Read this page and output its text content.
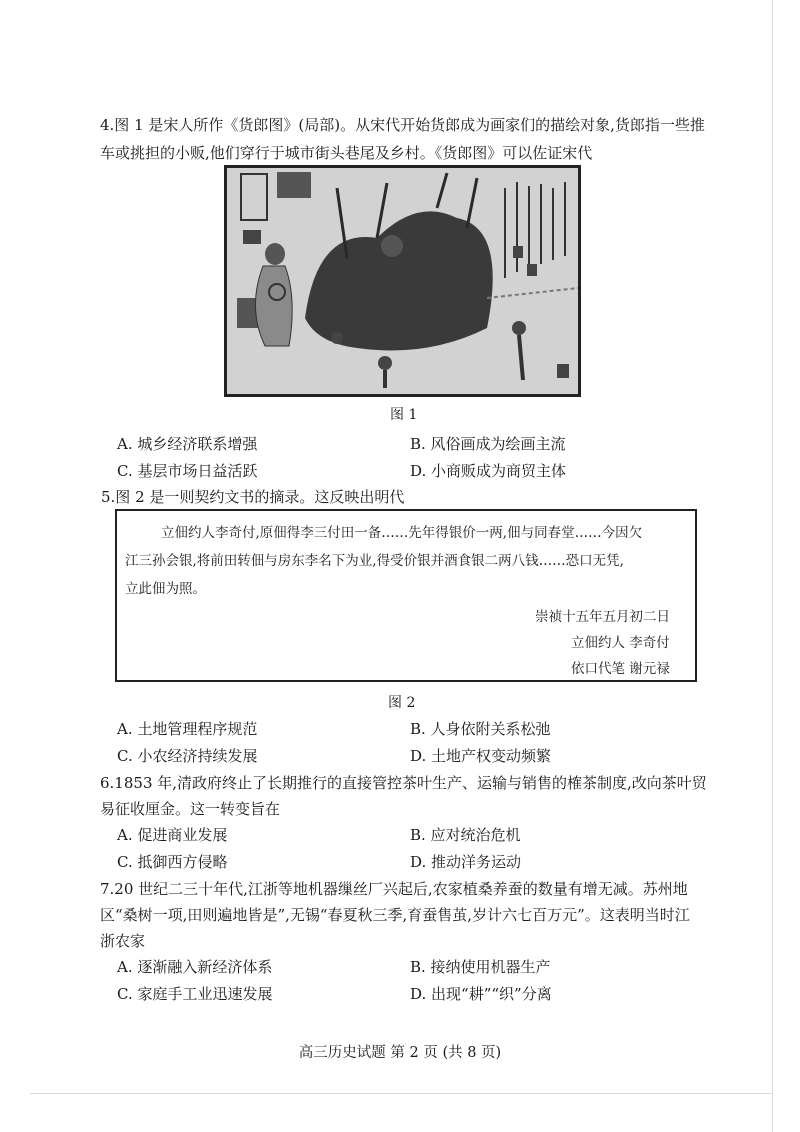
4.图 1 是宋人所作《货郎图》(局部)。从宋代开始货郎成为画家们的描绘对象,货郎指一些推
车或挑担的小贩,他们穿行于城市街头巷尾及乡村。《货郎图》可以佐证宋代
图 1
A. 城乡经济联系增强	B. 风俗画成为绘画主流
C. 基层市场日益活跃	D. 小商贩成为商贸主体
5.图 2 是一则契约文书的摘录。这反映出明代
立佃约人李奇付,原佃得李三付田一备……先年得银价一两,佃与同春堂……今因欠
江三孙会银,将前田转佃与房东李名下为业,得受价银并酒食银二两八钱……恐口无凭,
立此佃为照。
崇祯十五年五月初二日
立佃约人 李奇付
依口代笔 谢元禄
图 2
A. 土地管理程序规范	B. 人身依附关系松弛
C. 小农经济持续发展	D. 土地产权变动频繁
6.1853 年,清政府终止了长期推行的直接管控茶叶生产、运输与销售的榷茶制度,改向茶叶贸
易征收厘金。这一转变旨在
A. 促进商业发展	B. 应对统治危机
C. 抵御西方侵略	D. 推动洋务运动
7.20 世纪二三十年代,江浙等地机器缫丝厂兴起后,农家植桑养蚕的数量有增无减。苏州地
区“桑树一项,田则遍地皆是”,无锡“春夏秋三季,育蚕售茧,岁计六七百万元”。这表明当时江
浙农家
A. 逐渐融入新经济体系	B. 接纳使用机器生产
C. 家庭手工业迅速发展	D. 出现“耕”“织”分离
高三历史试题 第 2 页 (共 8 页)
